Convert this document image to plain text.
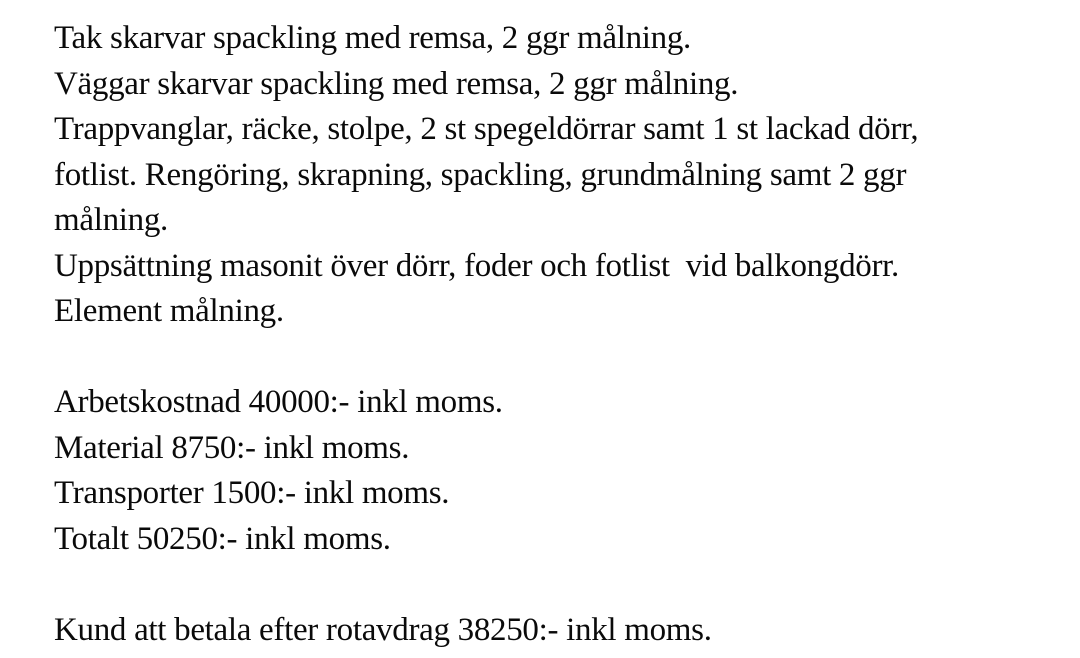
Tak skarvar spackling med remsa, 2 ggr målning.
Väggar skarvar spackling med remsa, 2 ggr målning.
Trappvanglar, räcke, stolpe, 2 st spegeldörrar samt 1 st lackad dörr,
fotlist. Rengöring, skrapning, spackling, grundmålning samt 2 ggr
målning.
Uppsättning masonit över dörr, foder och fotlist  vid balkongdörr.
Element målning.
Arbetskostnad 40000:- inkl moms.
Material 8750:- inkl moms.
Transporter 1500:- inkl moms.
Totalt 50250:- inkl moms.
Kund att betala efter rotavdrag 38250:- inkl moms.
